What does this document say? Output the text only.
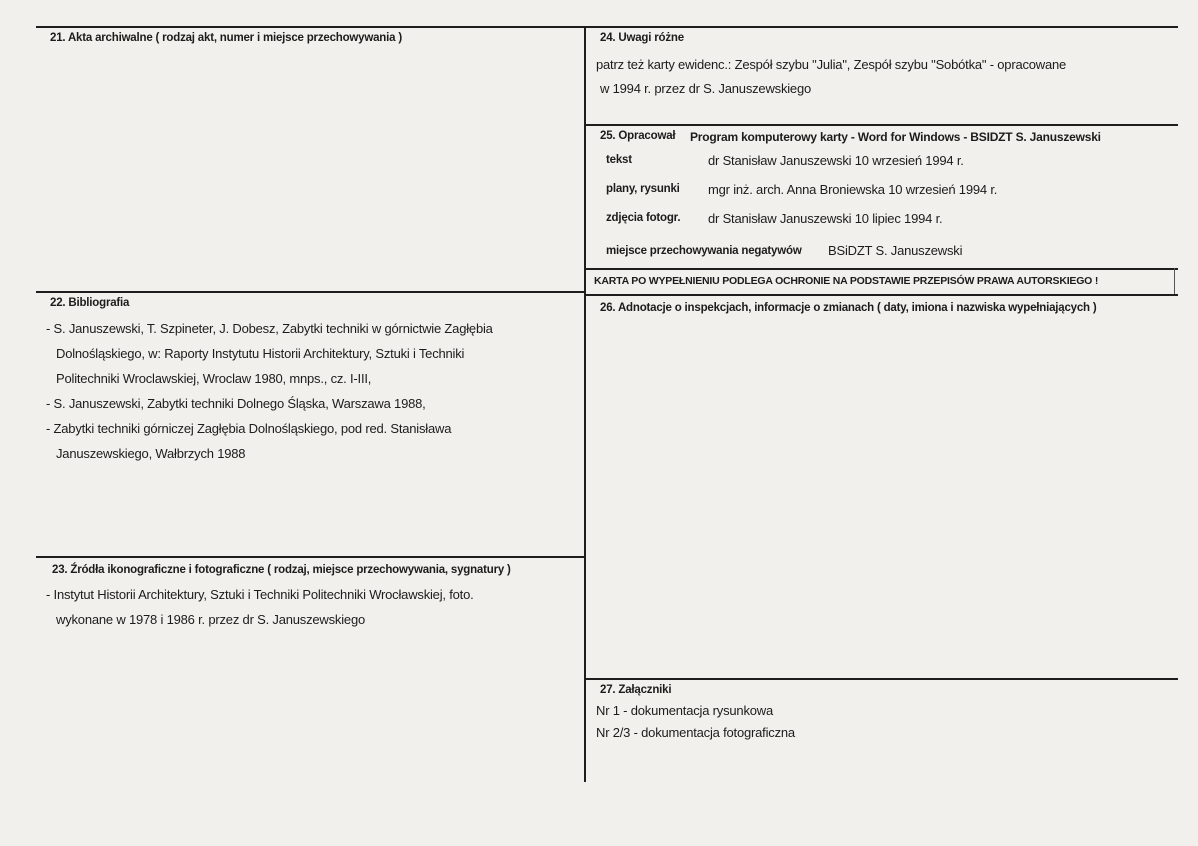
21. Akta archiwalne ( rodzaj akt, numer i miejsce przechowywania )
22. Bibliografia
- S. Januszewski, T. Szpineter, J. Dobesz, Zabytki techniki w górnictwie Zagłębia
Dolnośląskiego, w: Raporty Instytutu Historii Architektury, Sztuki i Techniki
Politechniki Wroclawskiej, Wroclaw 1980, mnps., cz. I-III,
- S. Januszewski, Zabytki techniki Dolnego Śląska, Warszawa 1988,
- Zabytki techniki górniczej Zagłębia Dolnośląskiego, pod red. Stanisława
Januszewskiego, Wałbrzych 1988
23. Źródła ikonograficzne i fotograficzne ( rodzaj, miejsce przechowywania, sygnatury )
- Instytut Historii Architektury, Sztuki i Techniki Politechniki Wrocławskiej, foto.
wykonane w 1978 i 1986 r. przez dr S. Januszewskiego
24. Uwagi różne
patrz też karty ewidenc.: Zespół szybu "Julia", Zespół szybu "Sobótka" - opracowane
w 1994 r. przez dr S. Januszewskiego
25. Opracował Program komputerowy karty - Word for Windows - BSIDZT S. Januszewski
tekst	dr Stanisław Januszewski 10 wrzesień 1994 r.
plany, rysunki mgr inż. arch. Anna Broniewska 10 wrzesień 1994 r.
zdjęcia fotogr. dr Stanisław Januszewski 10 lipiec 1994 r.
miejsce przechowywania negatywów BSiDZT S. Januszewski
KARTA PO WYPEŁNIENIU PODLEGA OCHRONIE NA PODSTAWIE PRZEPISÓW PRAWA AUTORSKIEGO !
26. Adnotacje o inspekcjach, informacje o zmianach ( daty, imiona i nazwiska wypełniających )
27. Załączniki
Nr 1 - dokumentacja rysunkowa
Nr 2/3 - dokumentacja fotograficzna
